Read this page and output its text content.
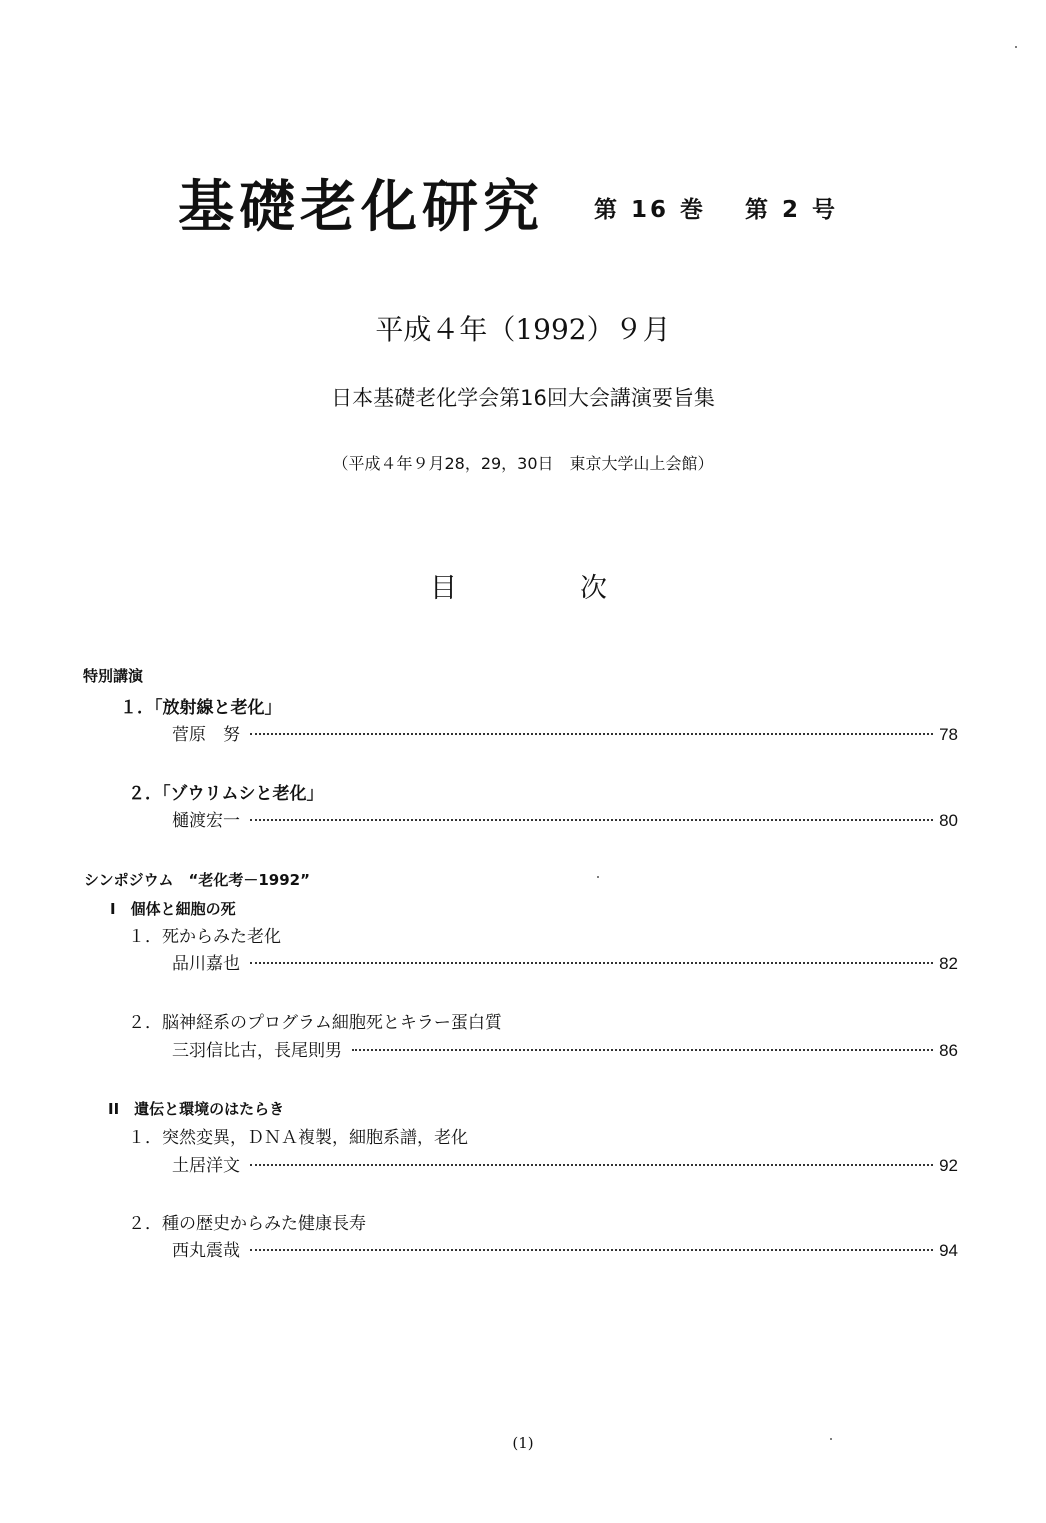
基礎老化研究 第 16 巻 第 2 号
平成４年（1992）９月
日本基礎老化学会第16回大会講演要旨集
（平成４年９月28，29，30日　東京大学山上会館）
目	次
特別講演
１．「放射線と老化」
菅原　努	78
２．「ゾウリムシと老化」
樋渡宏一	80
シンポジウム　“老化考－1992”
I　個体と細胞の死
１．死からみた老化
品川嘉也	82
２．脳神経系のプログラム細胞死とキラー蛋白質
三羽信比古，長尾則男	86
II　遺伝と環境のはたらき
１．突然変異，ＤＮＡ複製，細胞系譜，老化
土居洋文	92
２．種の歴史からみた健康長寿
西丸震哉	94
(1)
